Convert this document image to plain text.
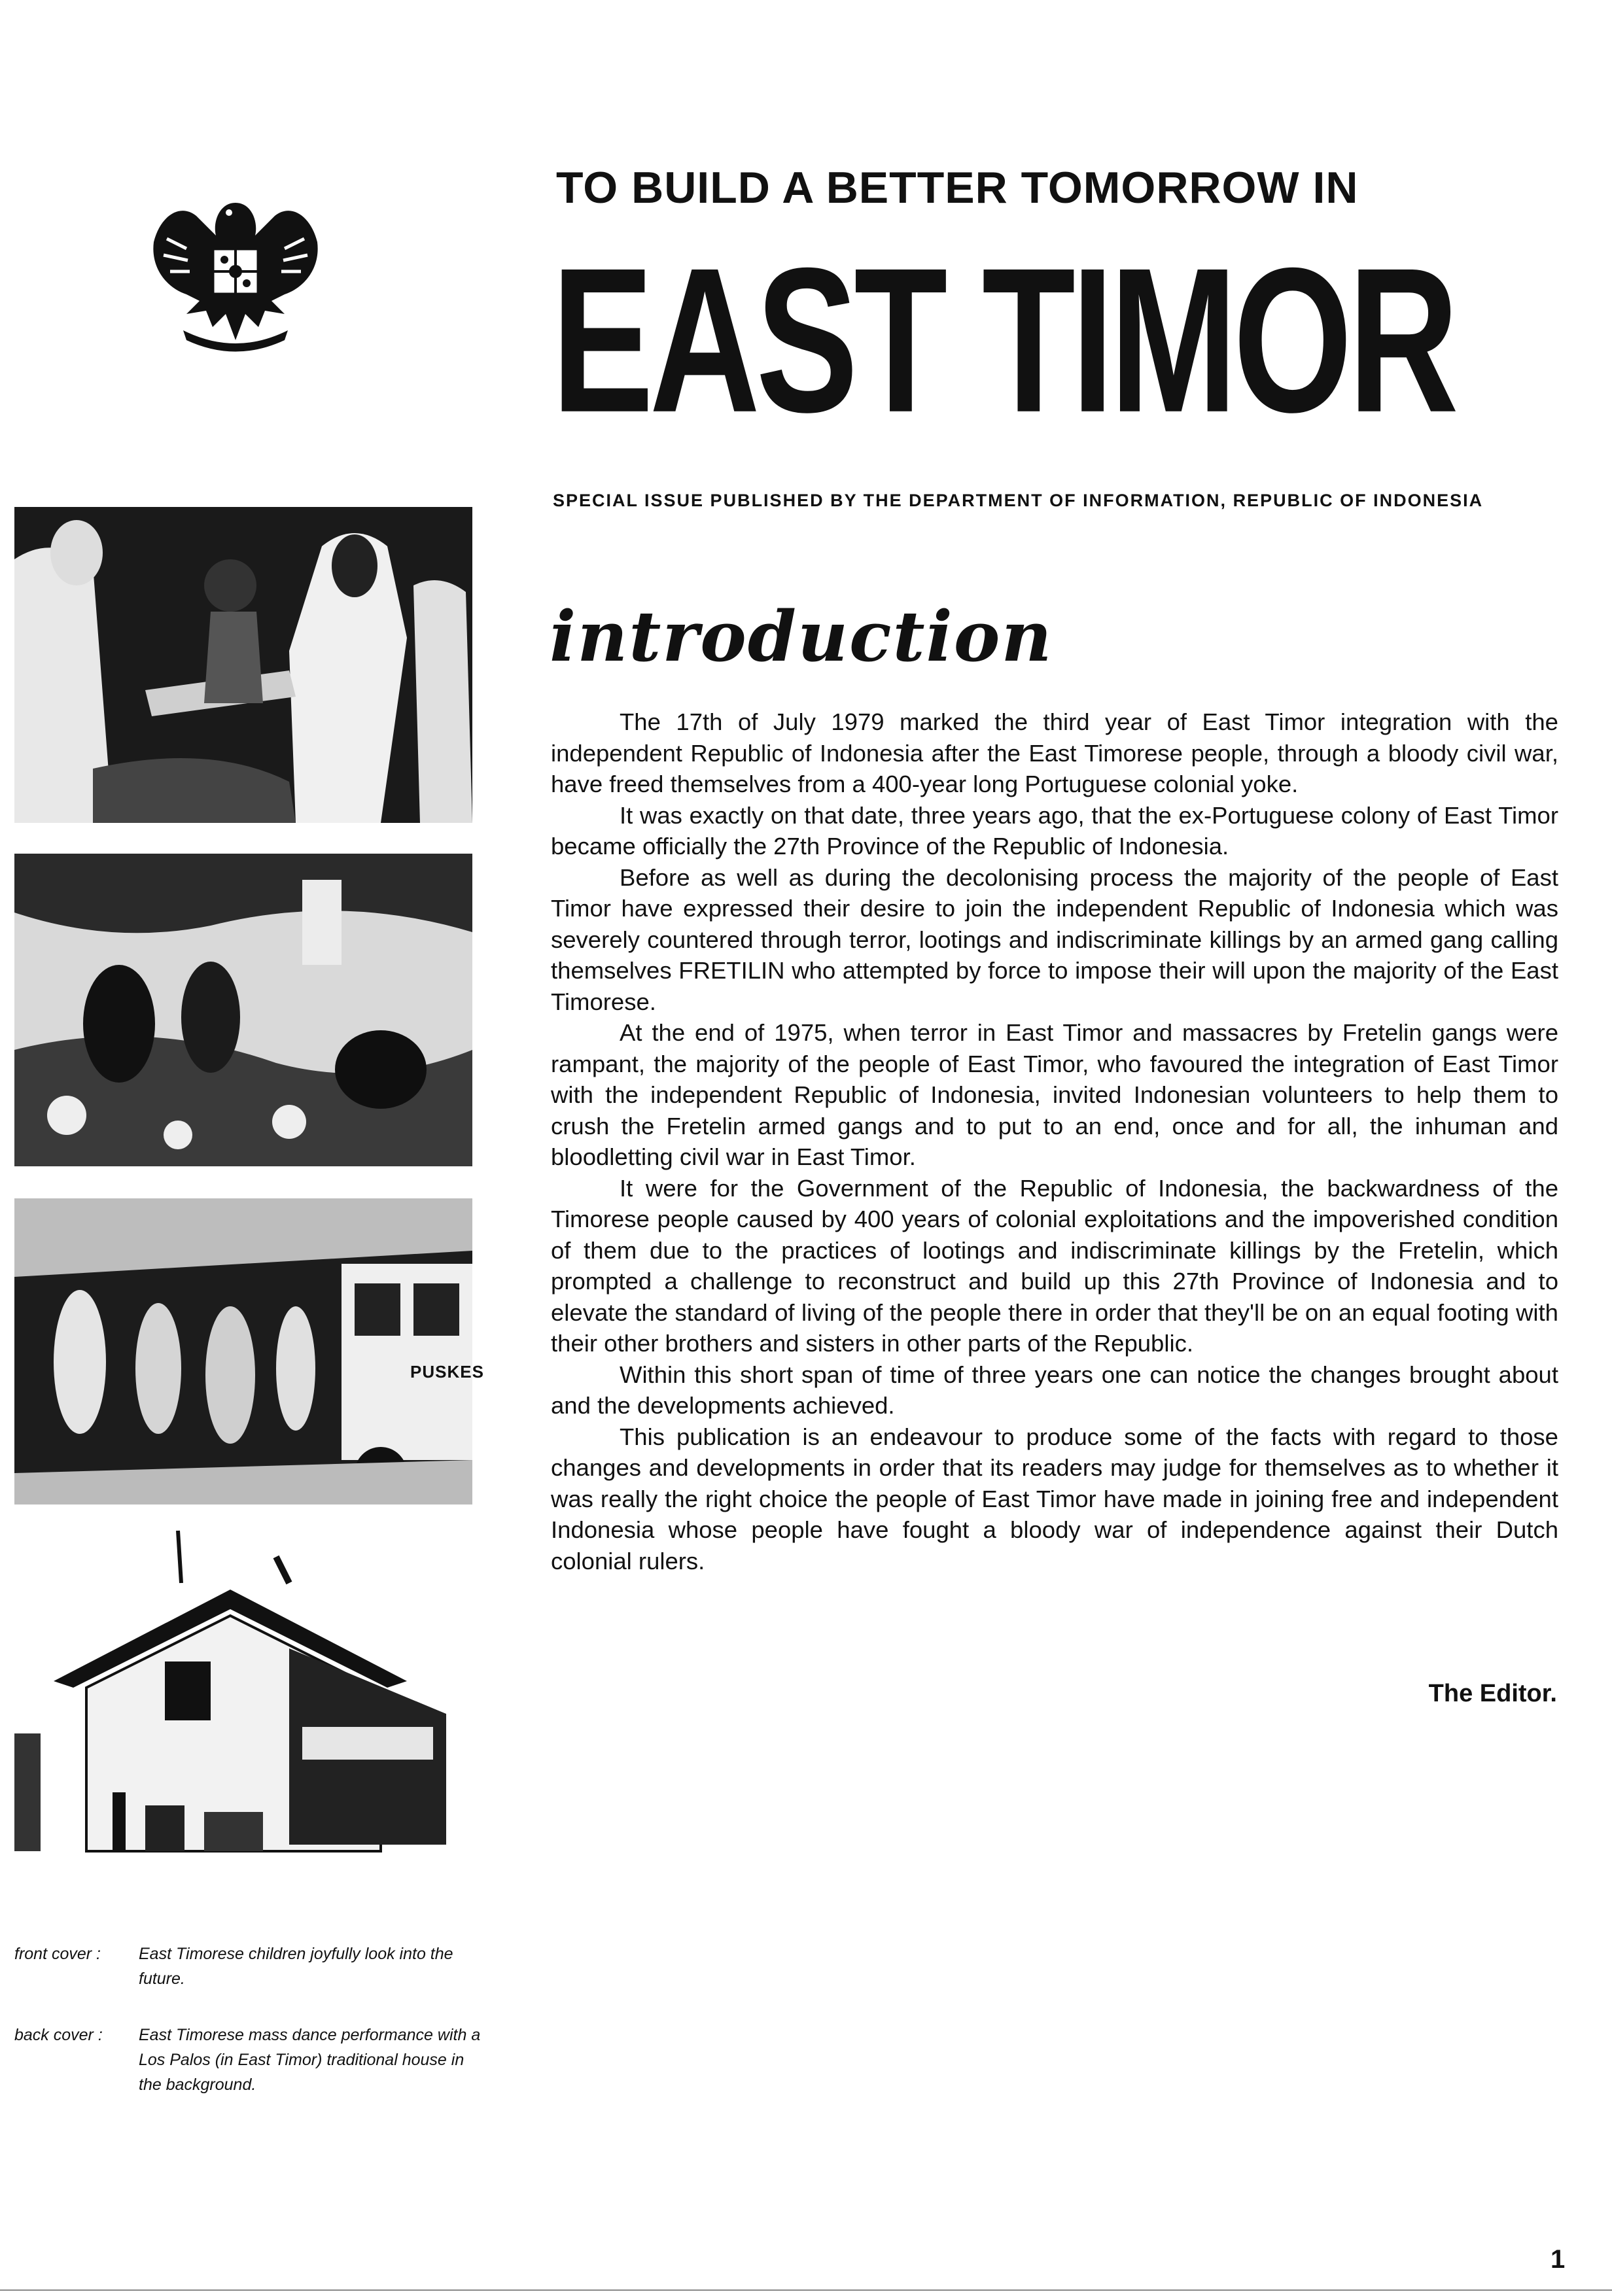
TO BUILD A BETTER TOMORROW IN
EAST TIMOR
SPECIAL ISSUE PUBLISHED BY THE DEPARTMENT OF INFORMATION, REPUBLIC OF INDONESIA
introduction

The 17th of July 1979 marked the third year of East Timor integration with the independent Republic of Indonesia after the East Timorese people, through a bloody civil war, have freed themselves from a 400-year long Portuguese colonial yoke.

It was exactly on that date, three years ago, that the ex-Portuguese colony of East Timor became officially the 27th Province of the Republic of Indonesia.

Before as well as during the decolonising process the majority of the people of East Timor have expressed their desire to join the independent Republic of Indonesia which was severely countered through terror, lootings and indiscriminate killings by an armed gang calling themselves FRETILIN who attempted by force to impose their will upon the majority of the East Timorese.

At the end of 1975, when terror in East Timor and massacres by Fretelin gangs were rampant, the majority of the people of East Timor, who favoured the integration of East Timor with the independent Republic of Indonesia, invited Indonesian volunteers to help them to crush the Fretelin armed gangs and to put to an end, once and for all, the inhuman and bloodletting civil war in East Timor.

It were for the Government of the Republic of Indonesia, the backwardness of the Timorese people caused by 400 years of colonial exploitations and the impoverished condition of them due to the practices of lootings and indiscriminate killings by the Fretelin, which prompted a challenge to reconstruct and build up this 27th Province of Indonesia and to elevate the standard of living of the people there in order that they'll be on an equal footing with their other brothers and sisters in other parts of the Republic.

Within this short span of time of three years one can notice the changes brought about and the developments achieved.

This publication is an endeavour to produce some of the facts with regard to those changes and developments in order that its readers may judge for themselves as to whether it was really the right choice the people of East Timor have made in joining free and independent Indonesia whose people have fought a bloody war of independence against their Dutch colonial rulers.

The Editor.
PUSKES
front cover :	East Timorese children joyfully look into the future.
back cover :	East Timorese mass dance performance with a Los Palos (in East Timor) traditional house in the background.
1
